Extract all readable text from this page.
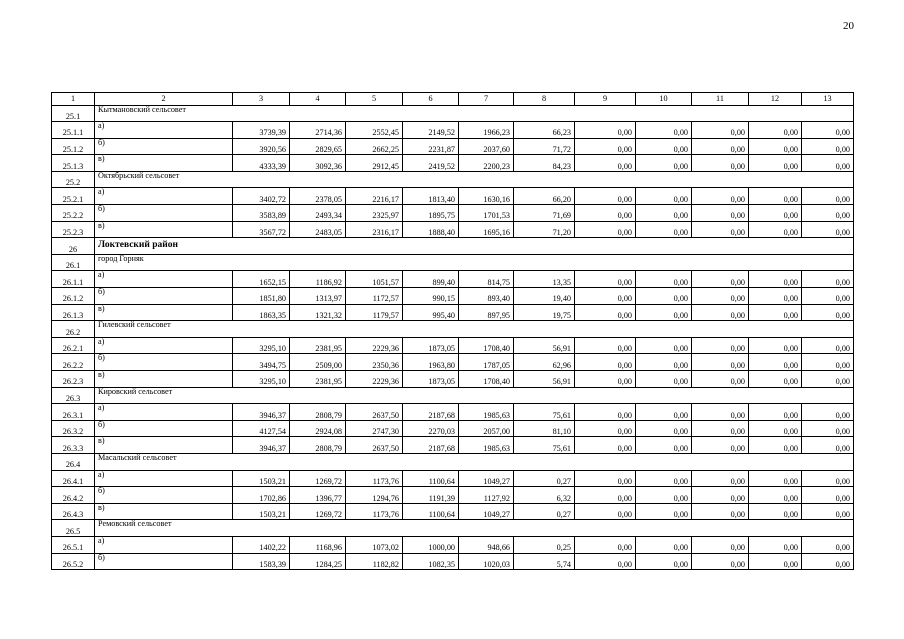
20
1	2	3	4	5	6	7	8	9	10	11	12	13
25.1	Кытмановский сельсовет											
25.1.1	а)	3739,39	2714,36	2552,45	2149,52	1966,23	66,23	0,00	0,00	0,00	0,00	0,00
25.1.2	б)	3920,56	2829,65	2662,25	2231,87	2037,60	71,72	0,00	0,00	0,00	0,00	0,00
25.1.3	в)	4333,39	3092,36	2912,45	2419,52	2200,23	84,23	0,00	0,00	0,00	0,00	0,00
25.2	Октябрьский сельсовет											
25.2.1	а)	3402,72	2378,05	2216,17	1813,40	1630,16	66,20	0,00	0,00	0,00	0,00	0,00
25.2.2	б)	3583,89	2493,34	2325,97	1895,75	1701,53	71,69	0,00	0,00	0,00	0,00	0,00
25.2.3	в)	3567,72	2483,05	2316,17	1888,40	1695,16	71,20	0,00	0,00	0,00	0,00	0,00
26	Локтевский район											
26.1	город Горняк											
26.1.1	а)	1652,15	1186,92	1051,57	899,40	814,75	13,35	0,00	0,00	0,00	0,00	0,00
26.1.2	б)	1851,80	1313,97	1172,57	990,15	893,40	19,40	0,00	0,00	0,00	0,00	0,00
26.1.3	в)	1863,35	1321,32	1179,57	995,40	897,95	19,75	0,00	0,00	0,00	0,00	0,00
26.2	Гилевский сельсовет											
26.2.1	а)	3295,10	2381,95	2229,36	1873,05	1708,40	56,91	0,00	0,00	0,00	0,00	0,00
26.2.2	б)	3494,75	2509,00	2350,36	1963,80	1787,05	62,96	0,00	0,00	0,00	0,00	0,00
26.2.3	в)	3295,10	2381,95	2229,36	1873,05	1708,40	56,91	0,00	0,00	0,00	0,00	0,00
26.3	Кировский сельсовет											
26.3.1	а)	3946,37	2808,79	2637,50	2187,68	1985,63	75,61	0,00	0,00	0,00	0,00	0,00
26.3.2	б)	4127,54	2924,08	2747,30	2270,03	2057,00	81,10	0,00	0,00	0,00	0,00	0,00
26.3.3	в)	3946,37	2808,79	2637,50	2187,68	1985,63	75,61	0,00	0,00	0,00	0,00	0,00
26.4	Масальский сельсовет											
26.4.1	а)	1503,21	1269,72	1173,76	1100,64	1049,27	0,27	0,00	0,00	0,00	0,00	0,00
26.4.2	б)	1702,86	1396,77	1294,76	1191,39	1127,92	6,32	0,00	0,00	0,00	0,00	0,00
26.4.3	в)	1503,21	1269,72	1173,76	1100,64	1049,27	0,27	0,00	0,00	0,00	0,00	0,00
26.5	Ремовский сельсовет											
26.5.1	а)	1402,22	1168,96	1073,02	1000,00	948,66	0,25	0,00	0,00	0,00	0,00	0,00
26.5.2	б)	1583,39	1284,25	1182,82	1082,35	1020,03	5,74	0,00	0,00	0,00	0,00	0,00
